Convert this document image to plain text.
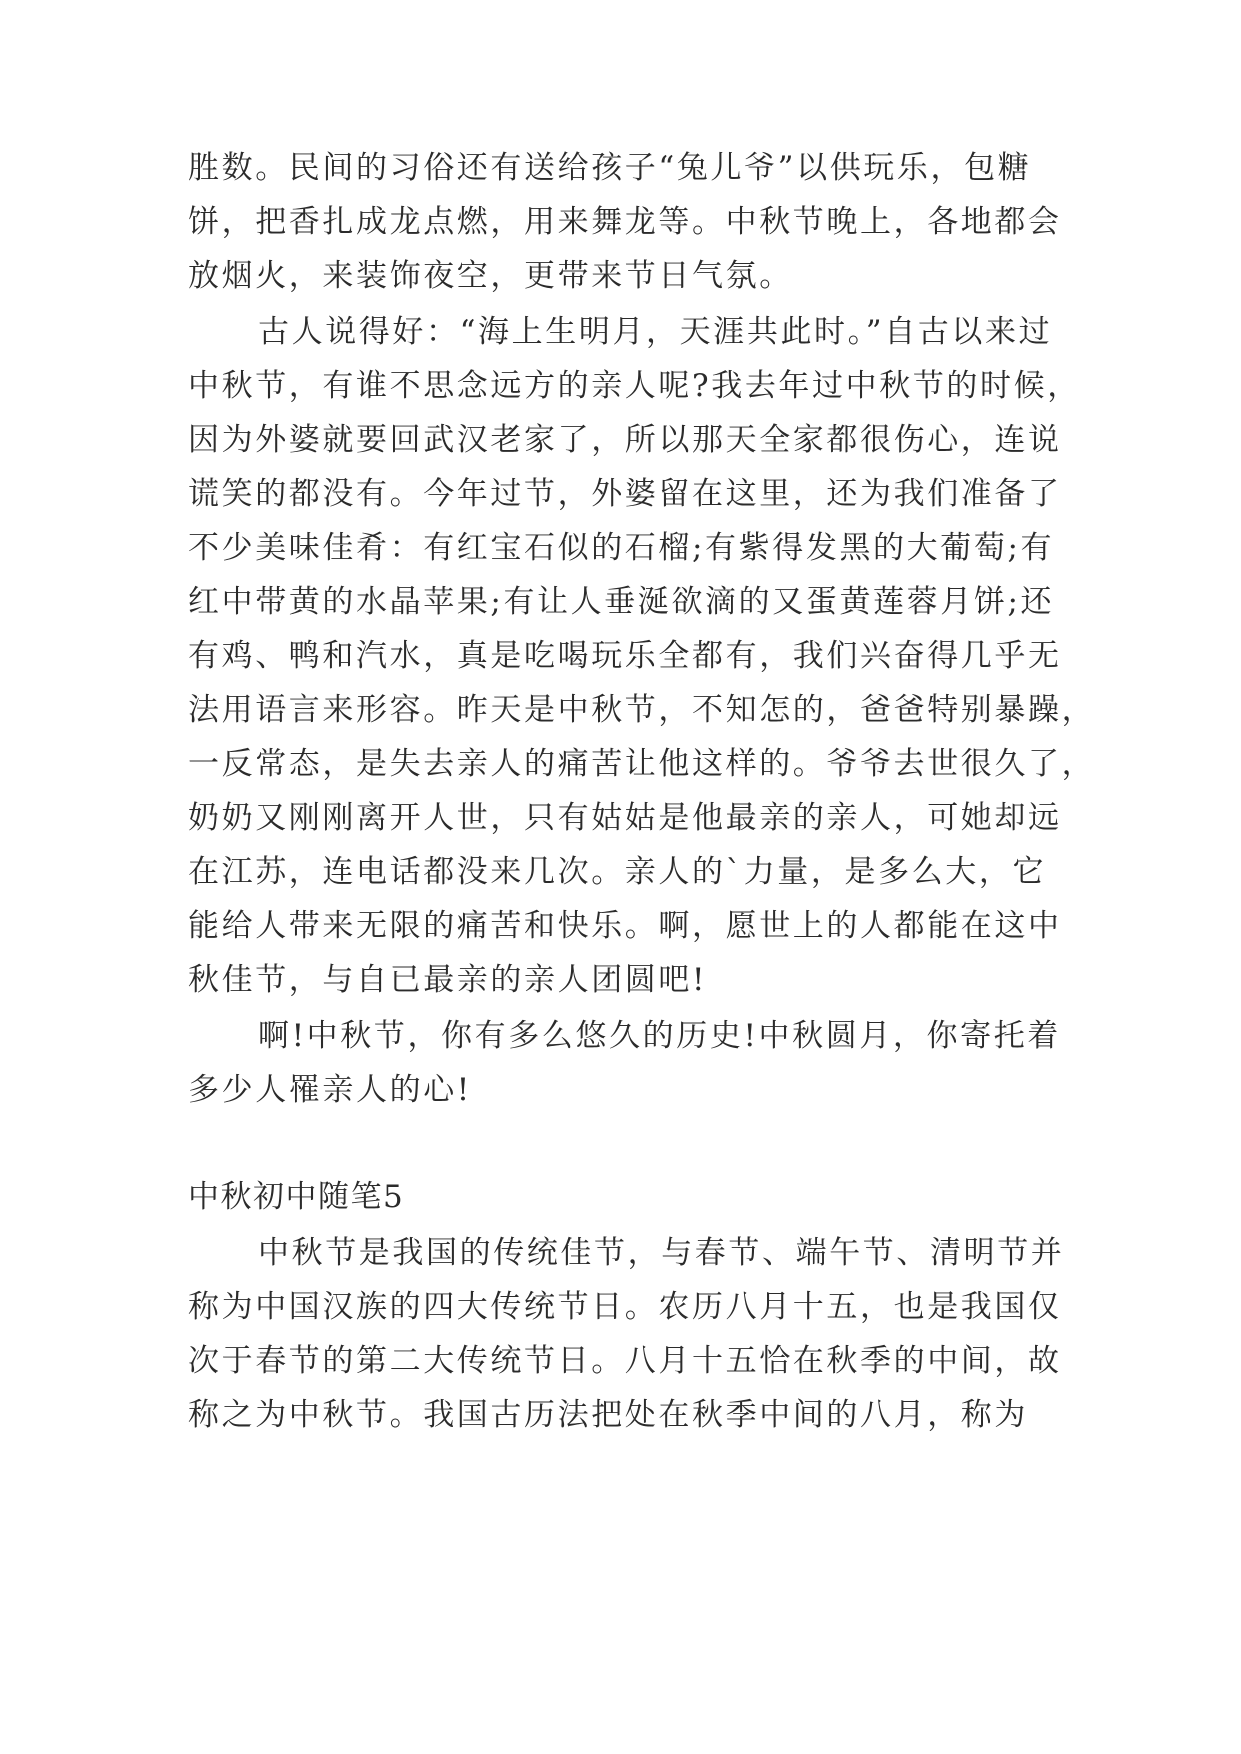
胜数。民间的习俗还有送给孩子“兔儿爷”以供玩乐，包糖
饼，把香扎成龙点燃，用来舞龙等。中秋节晚上，各地都会
放烟火，来装饰夜空，更带来节日气氛。
古人说得好：“海上生明月，天涯共此时。”自古以来过
中秋节，有谁不思念远方的亲人呢?我去年过中秋节的时候，
因为外婆就要回武汉老家了，所以那天全家都很伤心，连说
谎笑的都没有。今年过节，外婆留在这里，还为我们准备了
不少美味佳肴：有红宝石似的石榴;有紫得发黑的大葡萄;有
红中带黄的水晶苹果;有让人垂涎欲滴的又蛋黄莲蓉月饼;还
有鸡、鸭和汽水，真是吃喝玩乐全都有，我们兴奋得几乎无
法用语言来形容。昨天是中秋节，不知怎的，爸爸特别暴躁，
一反常态，是失去亲人的痛苦让他这样的。爷爷去世很久了，
奶奶又刚刚离开人世，只有姑姑是他最亲的亲人，可她却远
在江苏，连电话都没来几次。亲人的`力量，是多么大，它
能给人带来无限的痛苦和快乐。啊，愿世上的人都能在这中
秋佳节，与自已最亲的亲人团圆吧!
啊!中秋节，你有多么悠久的历史!中秋圆月，你寄托着
多少人罹亲人的心!
中秋初中随笔5
中秋节是我国的传统佳节，与春节、端午节、清明节并
称为中国汉族的四大传统节日。农历八月十五，也是我国仅
次于春节的第二大传统节日。八月十五恰在秋季的中间，故
称之为中秋节。我国古历法把处在秋季中间的八月，称为
